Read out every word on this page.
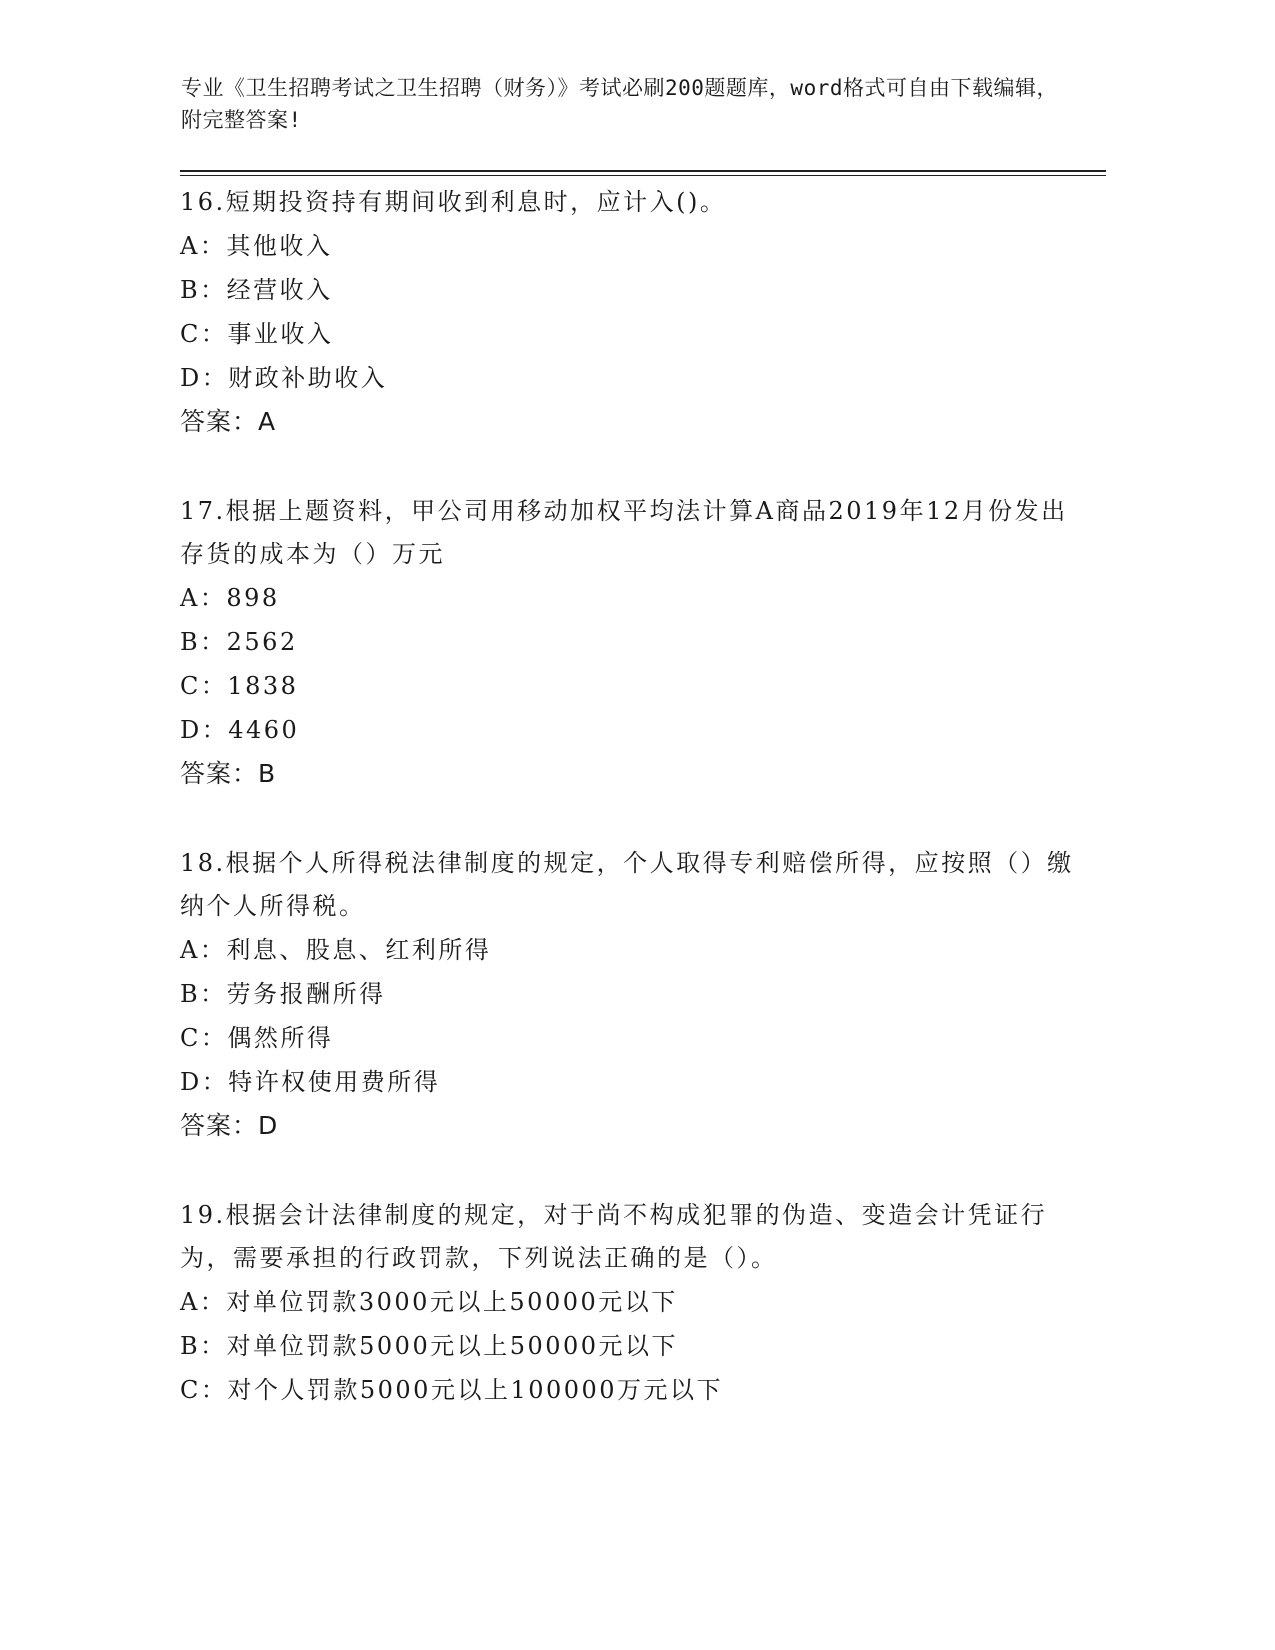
专业《卫生招聘考试之卫生招聘（财务）》考试必刷200题题库，word格式可自由下载编辑，附完整答案!
16.短期投资持有期间收到利息时，应计入()。
A：其他收入
B：经营收入
C：事业收入
D：财政补助收入
答案：A
17.根据上题资料，甲公司用移动加权平均法计算A商品2019年12月份发出存货的成本为（）万元
A：898
B：2562
C：1838
D：4460
答案：B
18.根据个人所得税法律制度的规定，个人取得专利赔偿所得，应按照（）缴纳个人所得税。
A：利息、股息、红利所得
B：劳务报酬所得
C：偶然所得
D：特许权使用费所得
答案：D
19.根据会计法律制度的规定，对于尚不构成犯罪的伪造、变造会计凭证行为，需要承担的行政罚款，下列说法正确的是（）。
A：对单位罚款3000元以上50000元以下
B：对单位罚款5000元以上50000元以下
C：对个人罚款5000元以上100000万元以下
